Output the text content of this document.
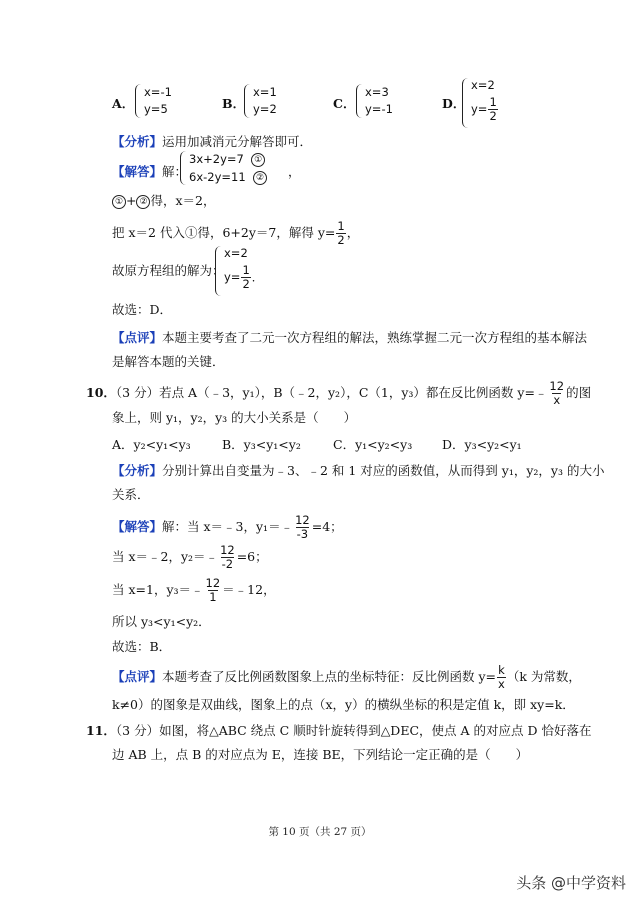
A．
x=-1
y=5	B．
x=1
y=2	C．
x=3
y=-1	D．
x=2
$y= \frac{1}{2}$
【分析】运用加减消元分解答即可．
【解答】解：
3x+2y=7 ①
6x-2y=11 ② ，
① + ② 得，x＝2，
把 x＝2 代入①得，6+2y＝7，解得 $y= \frac{1}{2}$ ，
故原方程组的解为：
x=2
$y= \frac{1}{2}$ ．
故选：D．
【点评】本题主要考查了二元一次方程组的解法，熟练掌握二元一次方程组的基本解法
是解答本题的关键．
10．（3 分）若点 A（﹣3，y₁），B（﹣2，y₂），C（1，y₃）都在反比例函数 y=﹣ $\frac{12}{x}$ 的图
象上，则 y₁，y₂，y₃ 的大小关系是（　　）
A．y₂<y₁<y₃	B．y₃<y₁<y₂	C．y₁<y₂<y₃ D．y₃<y₂<y₁
【分析】分别计算出自变量为﹣3、﹣2 和 1 对应的函数值，从而得到 y₁，y₂，y₃ 的大小
关系．
【解答】解：当 x＝﹣3，y₁＝﹣ $\frac{12}{-3} =4$；
当 x＝﹣2，y₂＝﹣ $\frac{12}{-2} =6$；
当 x=1，y₃＝﹣ $\frac{12}{1}$ ＝﹣12，
所以 y₃<y₁<y₂．
故选：B．
【点评】本题考查了反比例函数图象上点的坐标特征：反比例函数 $y= \frac{k}{x} (k$ 为常数，
k≠0）的图象是双曲线，图象上的点（x，y）的横纵坐标的积是定值 k，即 xy=k．
11．（3 分）如图，将△ABC 绕点 C 顺时针旋转得到△DEC，使点 A 的对应点 D 恰好落在
边 AB 上，点 B 的对应点为 E，连接 BE，下列结论一定正确的是（　　）
第 10 页（共 27 页）
头条 @中学资料
